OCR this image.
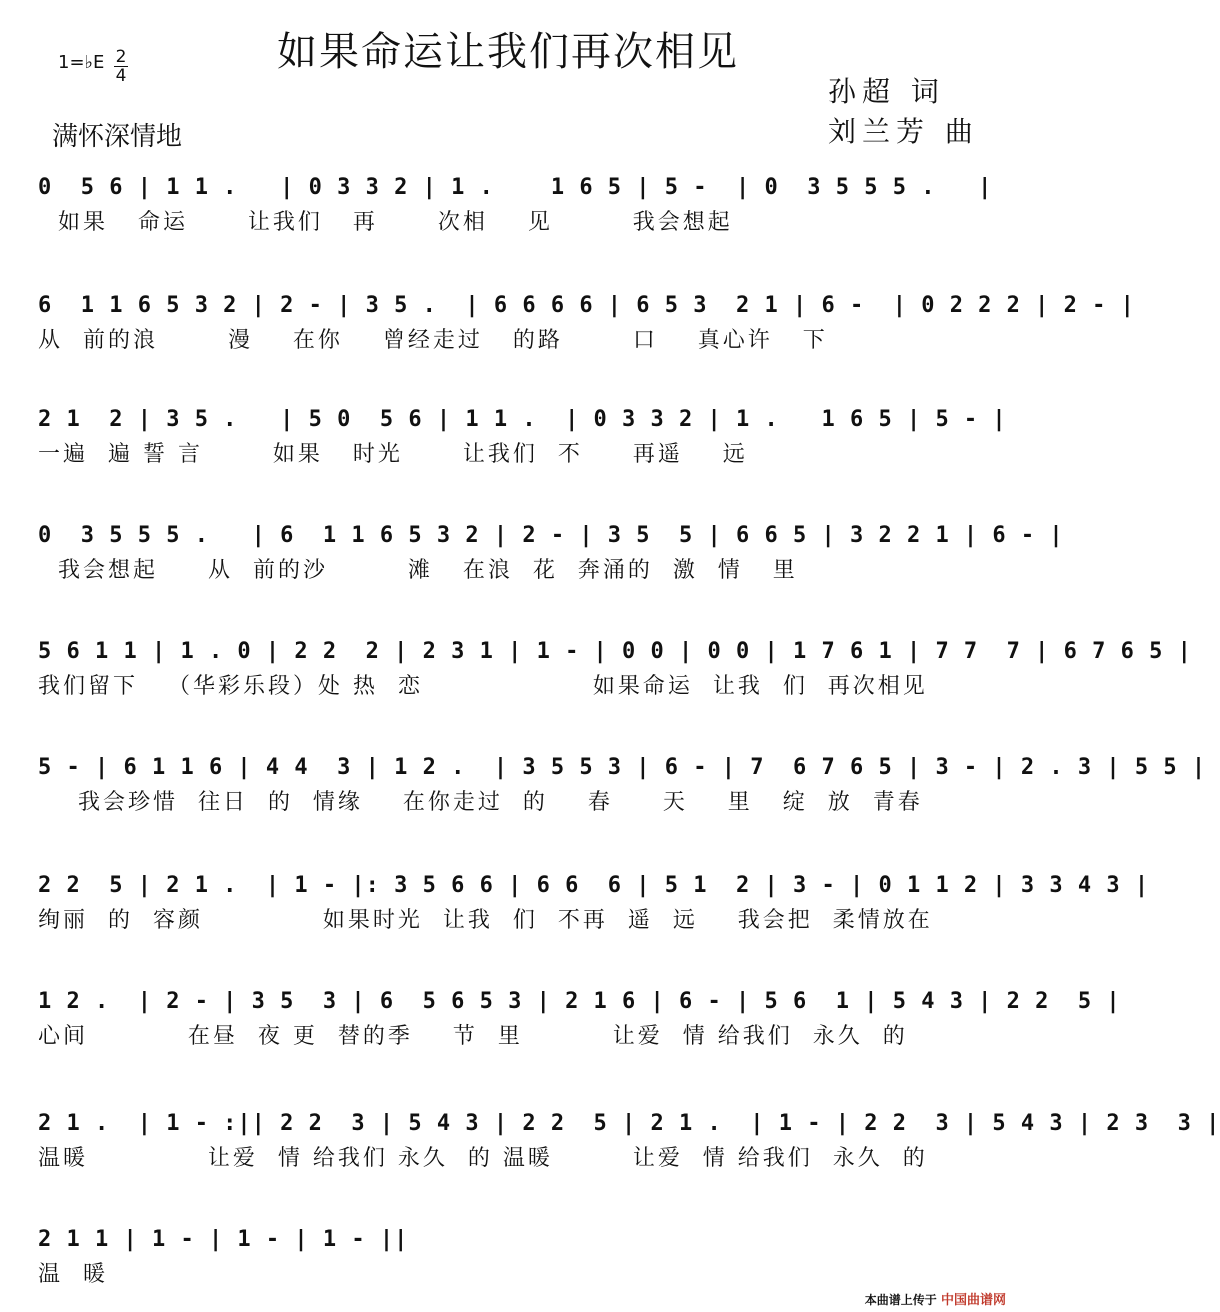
如果命运让我们再次相见
1=♭E 2
4
满怀深情地
孙超 词
刘兰芳 曲
0  5 6 | 1 1 .   | 0 3 3 2 | 1 .    1 6 5 | 5 -  | 0  3 5 5 5 .   |
如果   命运      让我们   再      次相    见        我会想起
6  1 1 6 5 3 2 | 2 - | 3 5 .  | 6 6 6 6 | 6 5 3  2 1 | 6 -  | 0 2 2 2 | 2 - |
从  前的浪       漫    在你    曾经走过   的路       口    真心许   下
2 1  2 | 3 5 .   | 5 0  5 6 | 1 1 .  | 0 3 3 2 | 1 .   1 6 5 | 5 - |
一遍  遍 誓 言       如果   时光      让我们  不     再遥    远
0  3 5 5 5 .   | 6  1 1 6 5 3 2 | 2 - | 3 5  5 | 6 6 5 | 3 2 2 1 | 6 - |
我会想起     从  前的沙        滩   在浪  花  奔涌的  激  情   里
5 6 1 1 | 1 . 0 | 2 2  2 | 2 3 1 | 1 - | 0 0 | 0 0 | 1 7 6 1 | 7 7  7 | 6 7 6 5 |
我们留下   （华彩乐段）处 热  恋                 如果命运  让我  们  再次相见
5 - | 6 1 1 6 | 4 4  3 | 1 2 .  | 3 5 5 3 | 6 - | 7  6 7 6 5 | 3 - | 2 . 3 | 5 5 |
我会珍惜  往日  的  情缘    在你走过  的    春     天    里   绽  放  青春
2 2  5 | 2 1 .  | 1 - |: 3 5 6 6 | 6 6  6 | 5 1  2 | 3 - | 0 1 1 2 | 3 3 4 3 |
绚丽  的  容颜            如果时光  让我  们  不再  遥  远    我会把  柔情放在
1 2 .  | 2 - | 3 5  3 | 6  5 6 5 3 | 2 1 6 | 6 - | 5 6  1 | 5 4 3 | 2 2  5 |
心间          在昼  夜 更  替的季    节  里         让爱  情 给我们  永久  的
2 1 .  | 1 - :|| 2 2  3 | 5 4 3 | 2 2  5 | 2 1 .  | 1 - | 2 2  3 | 5 4 3 | 2 3  3 |
温暖            让爱  情 给我们 永久  的 温暖        让爱  情 给我们  永久  的
2 1 1 | 1 - | 1 - | 1 - ||
温  暖
本曲谱上传于 中国曲谱网
